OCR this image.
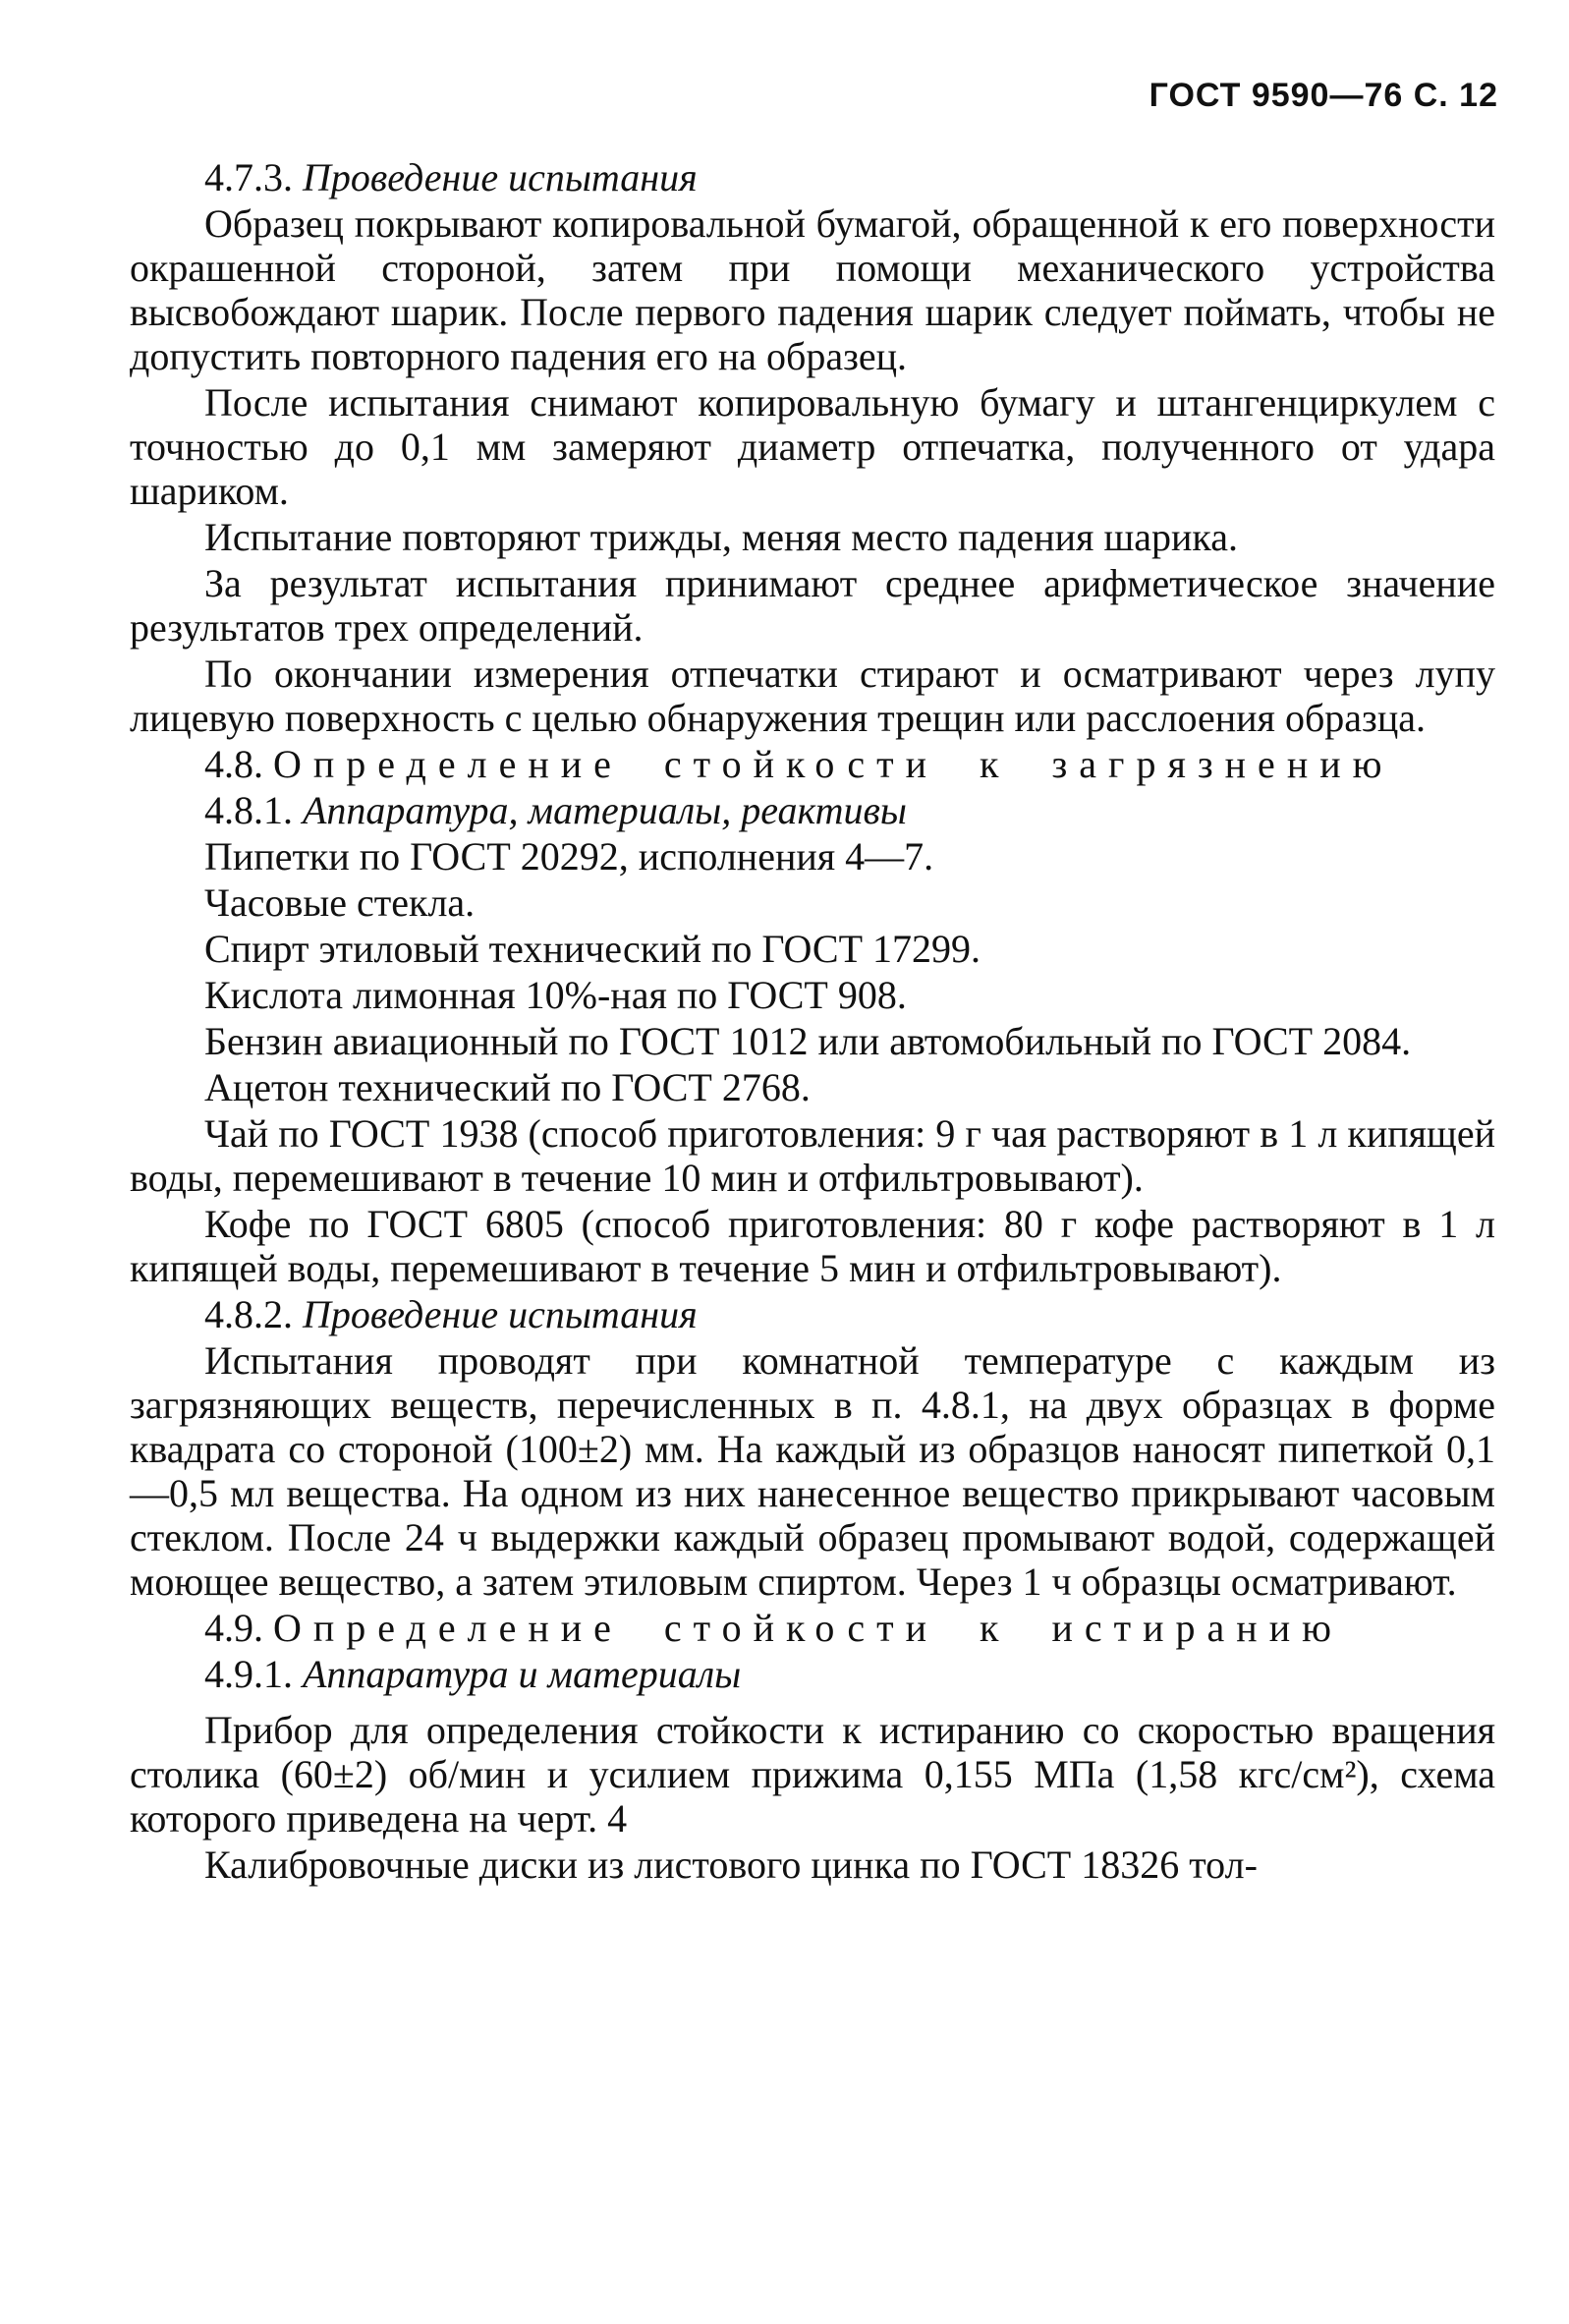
ГОСТ 9590—76 С. 12
4.7.3. Проведение испытания

Образец покрывают копировальной бумагой, обращенной к его поверхности окрашенной стороной, затем при помощи механического устройства высвобождают шарик. После первого падения шарик следует поймать, чтобы не допустить повторного падения его на образец.

После испытания снимают копировальную бумагу и штангенциркулем с точностью до 0,1 мм замеряют диаметр отпечатка, полученного от удара шариком.

Испытание повторяют трижды, меняя место падения шарика.

За результат испытания принимают среднее арифметическое значение результатов трех определений.

По окончании измерения отпечатки стирают и осматривают через лупу лицевую поверхность с целью обнаружения трещин или расслоения образца.

4.8. Определение стойкости к загрязнению
4.8.1. Аппаратура, материалы, реактивы

Пипетки по ГОСТ 20292, исполнения 4—7.

Часовые стекла.

Спирт этиловый технический по ГОСТ 17299.

Кислота лимонная 10%-ная по ГОСТ 908.

Бензин авиационный по ГОСТ 1012 или автомобильный по ГОСТ 2084.

Ацетон технический по ГОСТ 2768.

Чай по ГОСТ 1938 (способ приготовления: 9 г чая растворяют в 1 л кипящей воды, перемешивают в течение 10 мин и отфильтровывают).

Кофе по ГОСТ 6805 (способ приготовления: 80 г кофе растворяют в 1 л кипящей воды, перемешивают в течение 5 мин и отфильтровывают).

4.8.2. Проведение испытания

Испытания проводят при комнатной температуре с каждым из загрязняющих веществ, перечисленных в п. 4.8.1, на двух образцах в форме квадрата со стороной (100±2) мм. На каждый из образцов наносят пипеткой 0,1—0,5 мл вещества. На одном из них нанесенное вещество прикрывают часовым стеклом. После 24 ч выдержки каждый образец промывают водой, содержащей моющее вещество, а затем этиловым спиртом. Через 1 ч образцы осматривают.

4.9. Определение стойкости к истиранию
4.9.1. Аппаратура и материалы

Прибор для определения стойкости к истиранию со скоростью вращения столика (60±2) об/мин и усилием прижима 0,155 МПа (1,58 кгс/см²), схема которого приведена на черт. 4

Калибровочные диски из листового цинка по ГОСТ 18326 тол-
